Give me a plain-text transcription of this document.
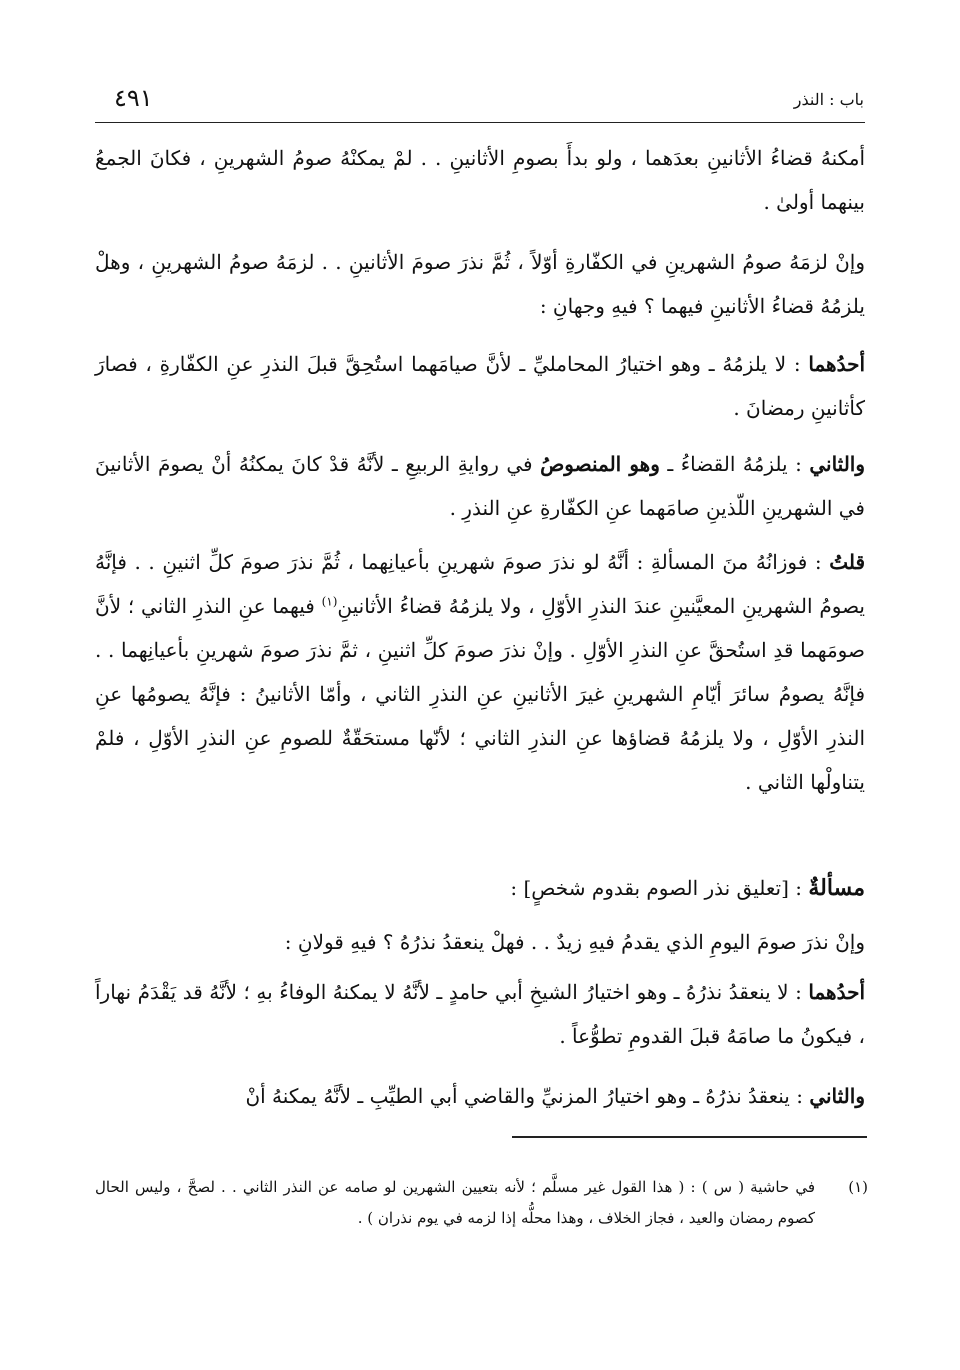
باب : النذر
٤٩١
أمكنهُ قضاءُ الأثانينِ بعدَهما ، ولو بدأَ بصومِ الأثانينِ . . لمْ يمكنْهُ صومُ الشهرينِ ، فكانَ الجمعُ بينهما أولىٰ .
وإنْ لزمَهُ صومُ الشهرينِ في الكفّارةِ أوّلاً ، ثُمَّ نذرَ صومَ الأثانينِ . . لزمَهُ صومُ الشهرينِ ، وهلْ يلزمُهُ قضاءُ الأثانينِ فيهما ؟ فيهِ وجهانِ :
أحدُهما : لا يلزمُهُ ـ وهو اختيارُ المحامليِّ ـ لأنَّ صيامَهما استُحِقَّ قبلَ النذرِ عنِ الكفّارةِ ، فصارَ كأثانينِ رمضانَ .
والثاني : يلزمُهُ القضاءُ ـ وهو المنصوصُ في روايةِ الربيعِ ـ لأنَّهُ قدْ كانَ يمكنُهُ أنْ يصومَ الأثانينَ في الشهرينِ اللّذينِ صامَهما عنِ الكفّارةِ عنِ النذرِ .
قلتُ : فوزانُهُ منَ المسألةِ : أنَّهُ لو نذرَ صومَ شهرينِ بأعيانِهما ، ثُمَّ نذرَ صومَ كلِّ اثنينِ . . فإنَّهُ يصومُ الشهرينِ المعيَّنينِ عندَ النذرِ الأوّلِ ، ولا يلزمُهُ قضاءُ الأثانينِ$^{(١)}$ فيهما عنِ النذرِ الثاني ؛ لأنَّ صومَهما قدِ استُحقَّ عنِ النذرِ الأوّلِ . وإنْ نذرَ صومَ كلِّ اثنينِ ، ثمَّ نذرَ صومَ شهرينِ بأعيانِهما . . فإنَّهُ يصومُ سائرَ أيّامِ الشهرينِ غيرَ الأثانينِ عنِ النذرِ الثاني ، وأمّا الأثانينُ : فإنَّهُ يصومُها عنِ النذرِ الأوّلِ ، ولا يلزمُهُ قضاؤها عنِ النذرِ الثاني ؛ لأنّها مستحَقّةٌ للصومِ عنِ النذرِ الأوّلِ ، فلمْ يتناولْها الثاني .
مسألةٌ : [تعليق نذر الصوم بقدوم شخصٍ] :
وإنْ نذرَ صومَ اليومِ الذي يقدمُ فيهِ زيدٌ . . فهلْ ينعقدُ نذرُهُ ؟ فيهِ قولانِ :
أحدُهما : لا ينعقدُ نذرُهُ ـ وهو اختيارُ الشيخِ أبي حامدٍ ـ لأنَّهُ لا يمكنهُ الوفاءُ بهِ ؛ لأنَّهُ قد يَقْدَمُ نهاراً ، فيكونُ ما صامَهُ قبلَ القدومِ تطوُّعاً .
والثاني : ينعقدُ نذرُهُ ـ وهو اختيارُ المزنيِّ والقاضي أبي الطيِّبِ ـ لأنَّهُ يمكنهُ أنْ
(١)
في حاشية ( س ) : ( هذا القول غير مسلَّم ؛ لأنه بتعيين الشهرين لو صامه عن النذر الثاني . . لصحَّ ، وليس الحال كصوم رمضان والعيد ، فجاز الخلاف ، وهذا محلُّه إذا لزمه في يوم نذران ) .
